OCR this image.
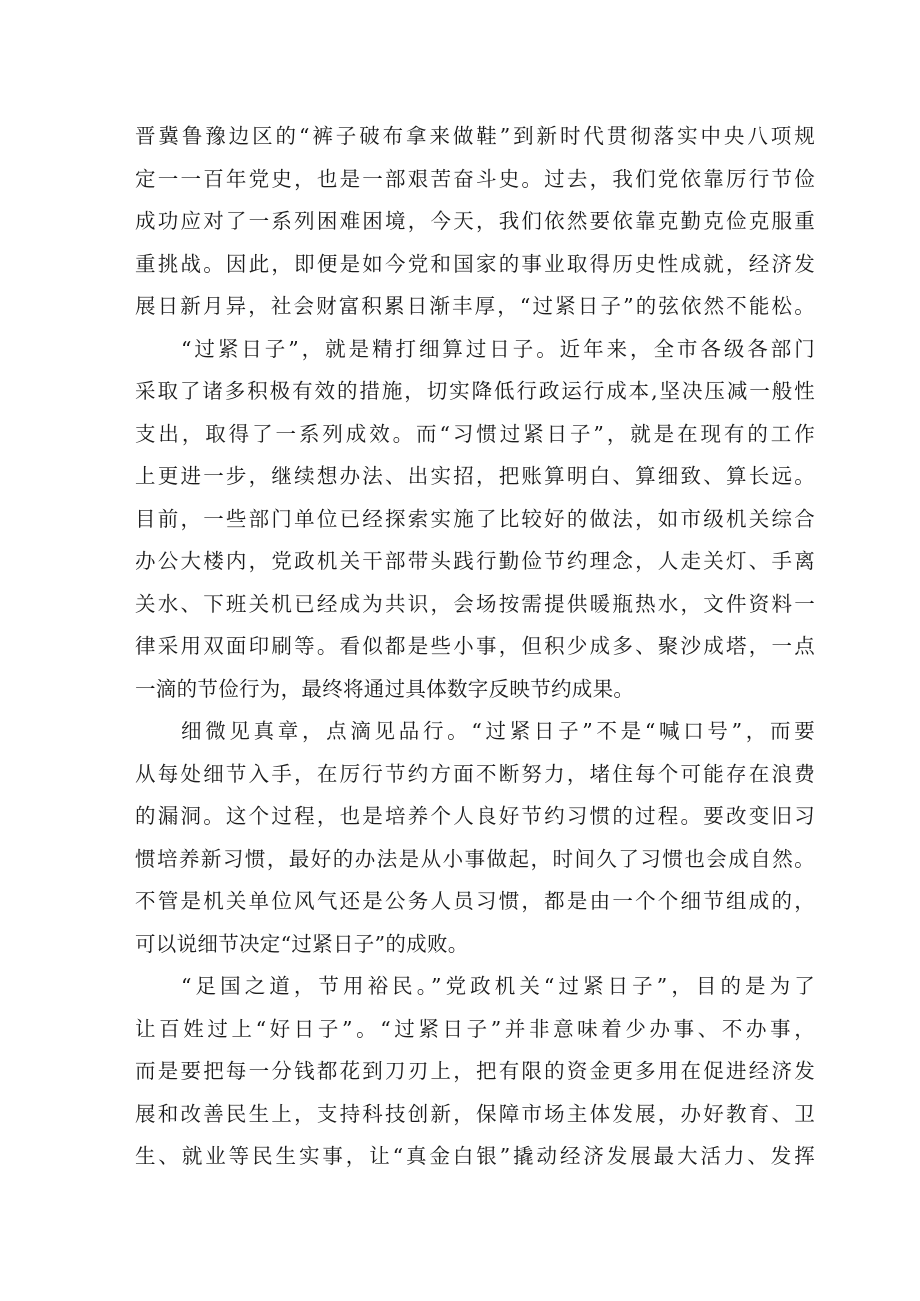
晋冀鲁豫边区的“裤子破布拿来做鞋”到新时代贯彻落实中央八项规
定一一百年党史，也是一部艰苦奋斗史。过去，我们党依靠厉行节俭
成功应对了一系列困难困境，今天，我们依然要依靠克勤克俭克服重
重挑战。因此，即便是如今党和国家的事业取得历史性成就，经济发
展日新月异，社会财富积累日渐丰厚，“过紧日子”的弦依然不能松。
“过紧日子”，就是精打细算过日子。近年来，全市各级各部门
采取了诸多积极有效的措施，切实降低行政运行成本,坚决压减一般性
支出，取得了一系列成效。而“习惯过紧日子”，就是在现有的工作
上更进一步，继续想办法、出实招，把账算明白、算细致、算长远。
目前，一些部门单位已经探索实施了比较好的做法，如市级机关综合
办公大楼内，党政机关干部带头践行勤俭节约理念，人走关灯、手离
关水、下班关机已经成为共识，会场按需提供暖瓶热水，文件资料一
律采用双面印刷等。看似都是些小事，但积少成多、聚沙成塔，一点
一滴的节俭行为，最终将通过具体数字反映节约成果。
细微见真章，点滴见品行。“过紧日子”不是“喊口号”，而要
从每处细节入手，在厉行节约方面不断努力，堵住每个可能存在浪费
的漏洞。这个过程，也是培养个人良好节约习惯的过程。要改变旧习
惯培养新习惯，最好的办法是从小事做起，时间久了习惯也会成自然。
不管是机关单位风气还是公务人员习惯，都是由一个个细节组成的，
可以说细节决定“过紧日子”的成败。
“足国之道，节用裕民。”党政机关“过紧日子”，目的是为了
让百姓过上“好日子”。“过紧日子”并非意味着少办事、不办事，
而是要把每一分钱都花到刀刃上，把有限的资金更多用在促进经济发
展和改善民生上，支持科技创新，保障市场主体发展，办好教育、卫
生、就业等民生实事，让“真金白银”撬动经济发展最大活力、发挥
